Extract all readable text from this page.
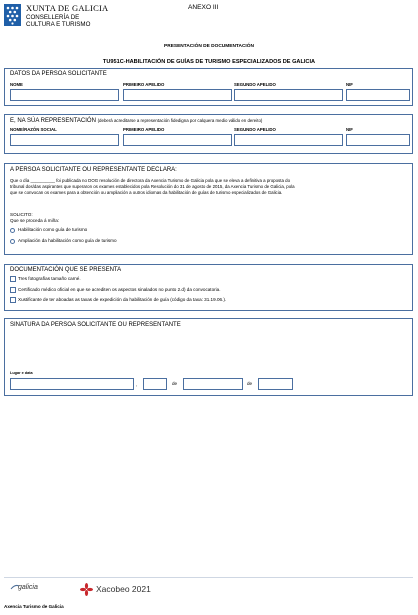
XUNTA DE GALICIA
CONSELLERÍA DE
CULTURA E TURISMO
ANEXO III
PRESENTACIÓN DE DOCUMENTACIÓN
TU951C-HABILITACIÓN DE GUÍAS DE TURISMO ESPECIALIZADOS DE GALICIA
DATOS DA PERSOA SOLICITANTE
NOME	PRIMEIRO APELIDO	SEGUNDO APELIDO	NIF
E, NA SÚA REPRESENTACIÓN (deberá acreditarse a representación fidedigna por calquera medio válido en dereito)
NOME/RAZÓN SOCIAL	PRIMEIRO APELIDO	SEGUNDO APELIDO	NIF
A PERSOA SOLICITANTE OU REPRESENTANTE DECLARA:
Que o día __________ foi publicada no DOG resolución de directora da Axencia Turismo de Galicia pola que se eleva a definitiva a proposta do
tribunal dos/das aspirantes que superaron os exames establecidos pola Resolución do 31 de agosto de 2015, da Axencia Turismo de Galicia, pola
que se convocan os exames para a obtención ou ampliación a outros idiomas da habilitación de guías de turismo especializados de Galicia.
SOLICITO:
Que se proceda á miña:
Habilitación como guía de turismo
Ampliación da habilitación como guía de turismo
DOCUMENTACIÓN QUE SE PRESENTA
Tres fotografías tamaño carné.
Certificado médico oficial en que se acrediten os aspectos sinalados no punto 2.d) da convocatoria.
Xustificante de ter aboadas as taxas de expedición da habilitación de guía (código da taxa: 31.19.06.).
SINATURA DA PERSOA SOLICITANTE OU REPRESENTANTE
Lugar e data
,	de	de
galicia	Xacobeo 2021
Axencia Turismo de Galicia
